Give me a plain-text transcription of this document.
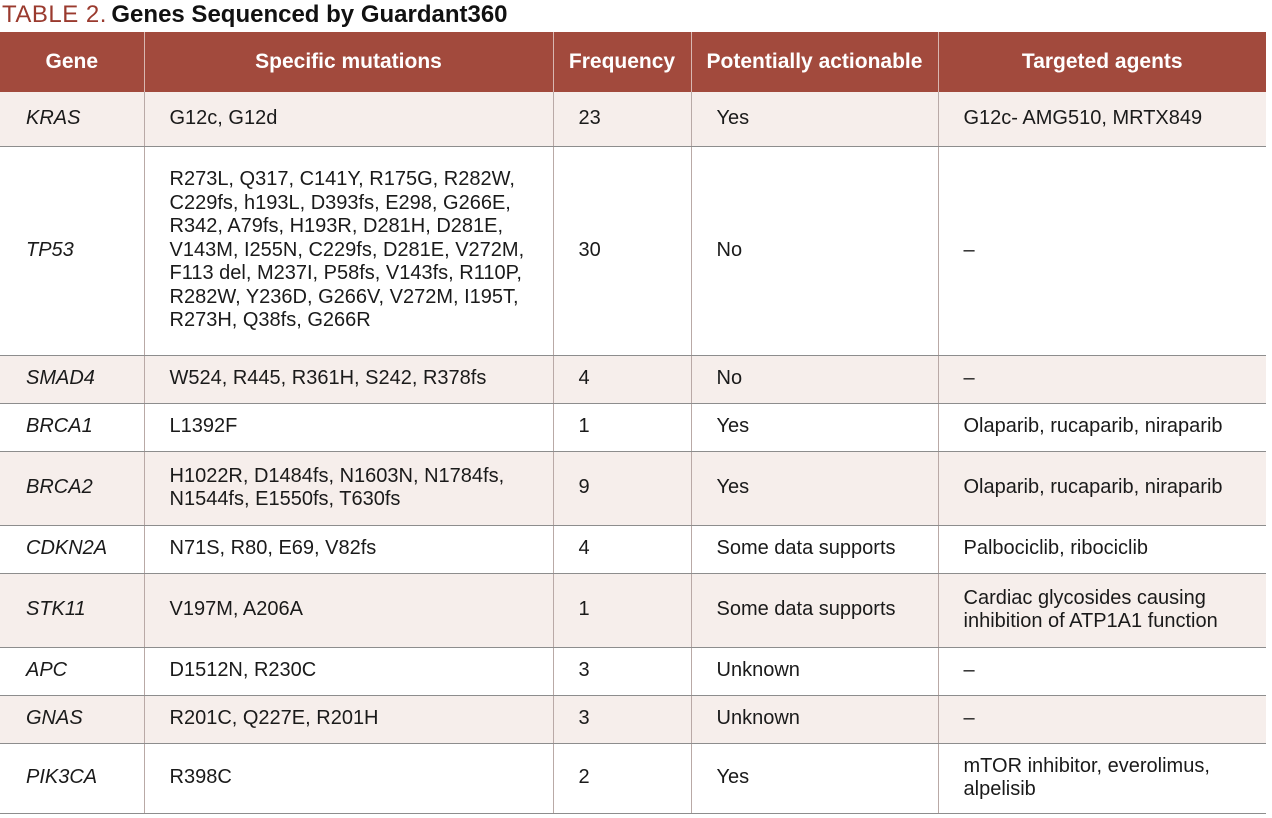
TABLE 2. Genes Sequenced by Guardant360
Gene	Specific mutations	Frequency	Potentially actionable	Targeted agents
KRAS	G12c, G12d	23	Yes	G12c- AMG510, MRTX849
TP53	R273L, Q317, C141Y, R175G, R282W, C229fs, h193L, D393fs, E298, G266E, R342, A79fs, H193R, D281H, D281E, V143M, I255N, C229fs, D281E, V272M, F113 del, M237I, P58fs, V143fs, R110P, R282W, Y236D, G266V, V272M, I195T, R273H, Q38fs, G266R	30	No	–
SMAD4	W524, R445, R361H, S242, R378fs	4	No	–
BRCA1	L1392F	1	Yes	Olaparib, rucaparib, niraparib
BRCA2	H1022R, D1484fs, N1603N, N1784fs, N1544fs, E1550fs, T630fs	9	Yes	Olaparib, rucaparib, niraparib
CDKN2A	N71S, R80, E69, V82fs	4	Some data supports	Palbociclib, ribociclib
STK11	V197M, A206A	1	Some data supports	Cardiac glycosides causing inhibition of ATP1A1 function
APC	D1512N, R230C	3	Unknown	–
GNAS	R201C, Q227E, R201H	3	Unknown	–
PIK3CA	R398C	2	Yes	mTOR inhibitor, everolimus, alpelisib
